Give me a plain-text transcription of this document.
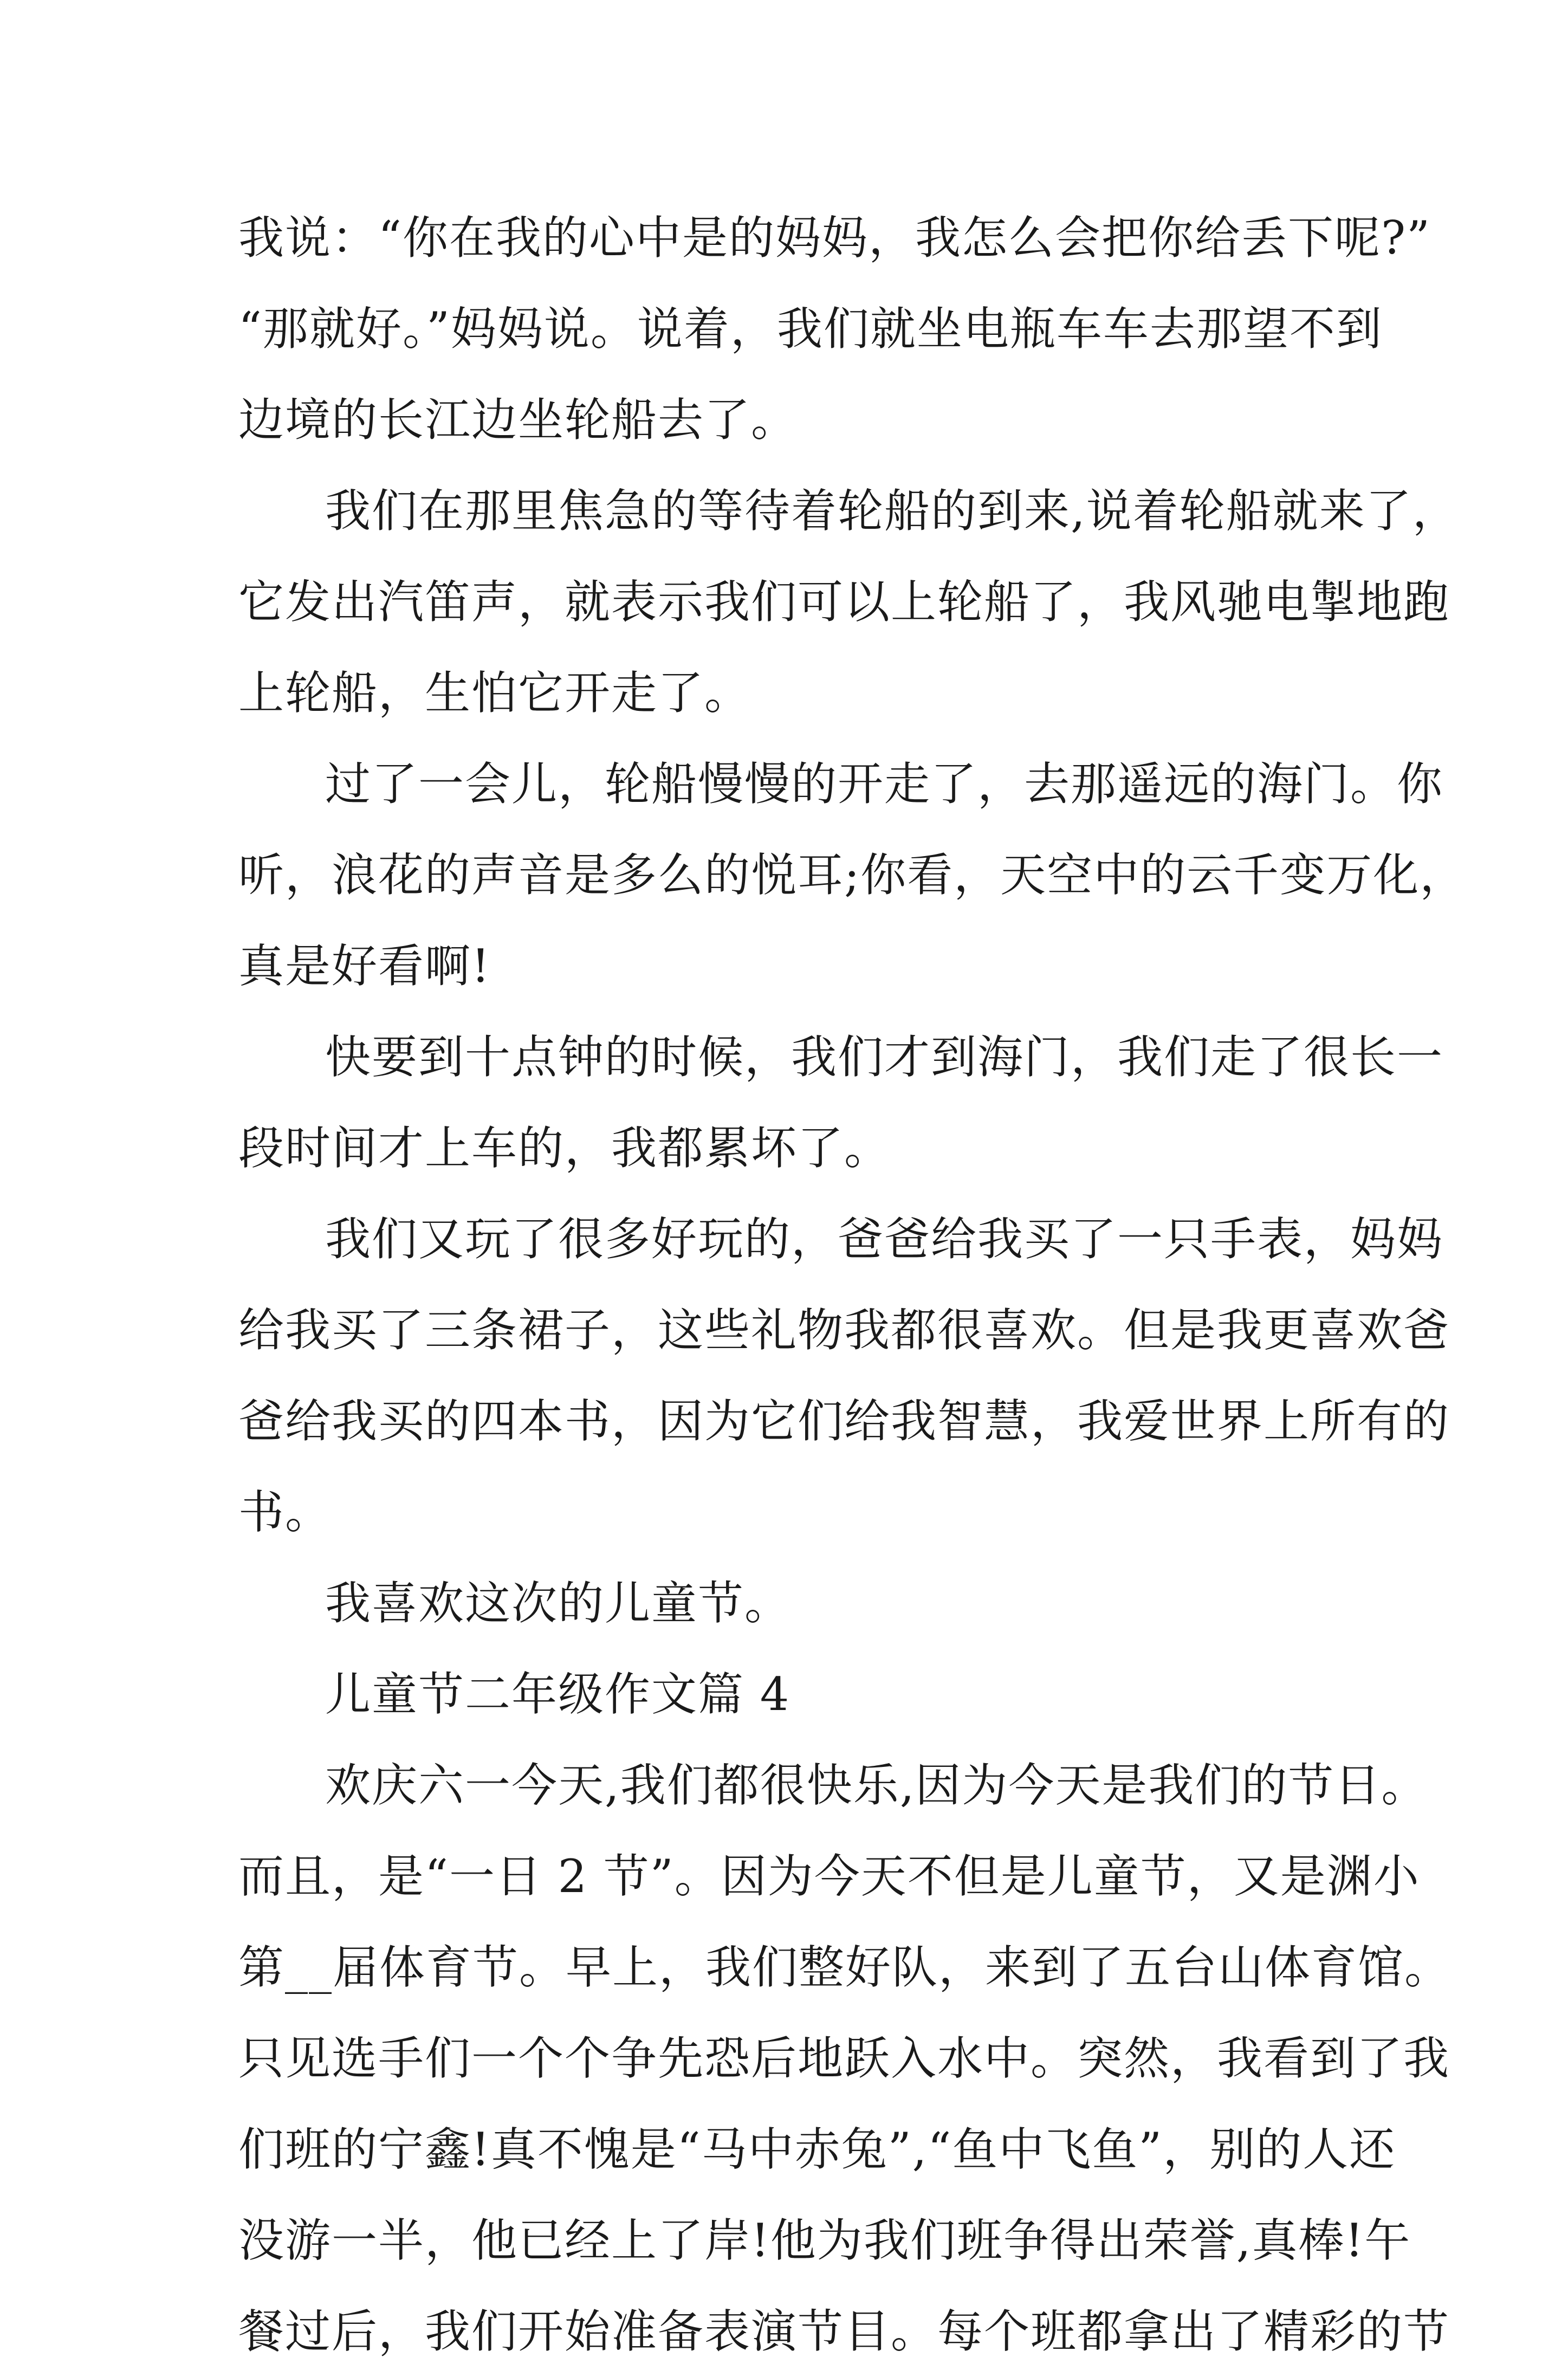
我说：“你在我的心中是的妈妈，我怎么会把你给丢下呢?”
“那就好。”妈妈说。说着，我们就坐电瓶车车去那望不到
边境的长江边坐轮船去了。
我们在那里焦急的等待着轮船的到来,说着轮船就来了，
它发出汽笛声，就表示我们可以上轮船了，我风驰电掣地跑
上轮船，生怕它开走了。
过了一会儿，轮船慢慢的开走了，去那遥远的海门。你
听，浪花的声音是多么的悦耳;你看，天空中的云千变万化，
真是好看啊!
快要到十点钟的时候，我们才到海门，我们走了很长一
段时间才上车的，我都累坏了。
我们又玩了很多好玩的，爸爸给我买了一只手表，妈妈
给我买了三条裙子，这些礼物我都很喜欢。但是我更喜欢爸
爸给我买的四本书，因为它们给我智慧，我爱世界上所有的
书。
我喜欢这次的儿童节。
儿童节二年级作文篇 4
欢庆六一今天,我们都很快乐,因为今天是我们的节日。
而且，是“一日 2 节”。因为今天不但是儿童节，又是渊小
第__届体育节。早上，我们整好队，来到了五台山体育馆。
只见选手们一个个争先恐后地跃入水中。突然，我看到了我
们班的宁鑫!真不愧是“马中赤兔”,“鱼中飞鱼”，别的人还
没游一半，他已经上了岸!他为我们班争得出荣誉,真棒!午
餐过后，我们开始准备表演节目。每个班都拿出了精彩的节
